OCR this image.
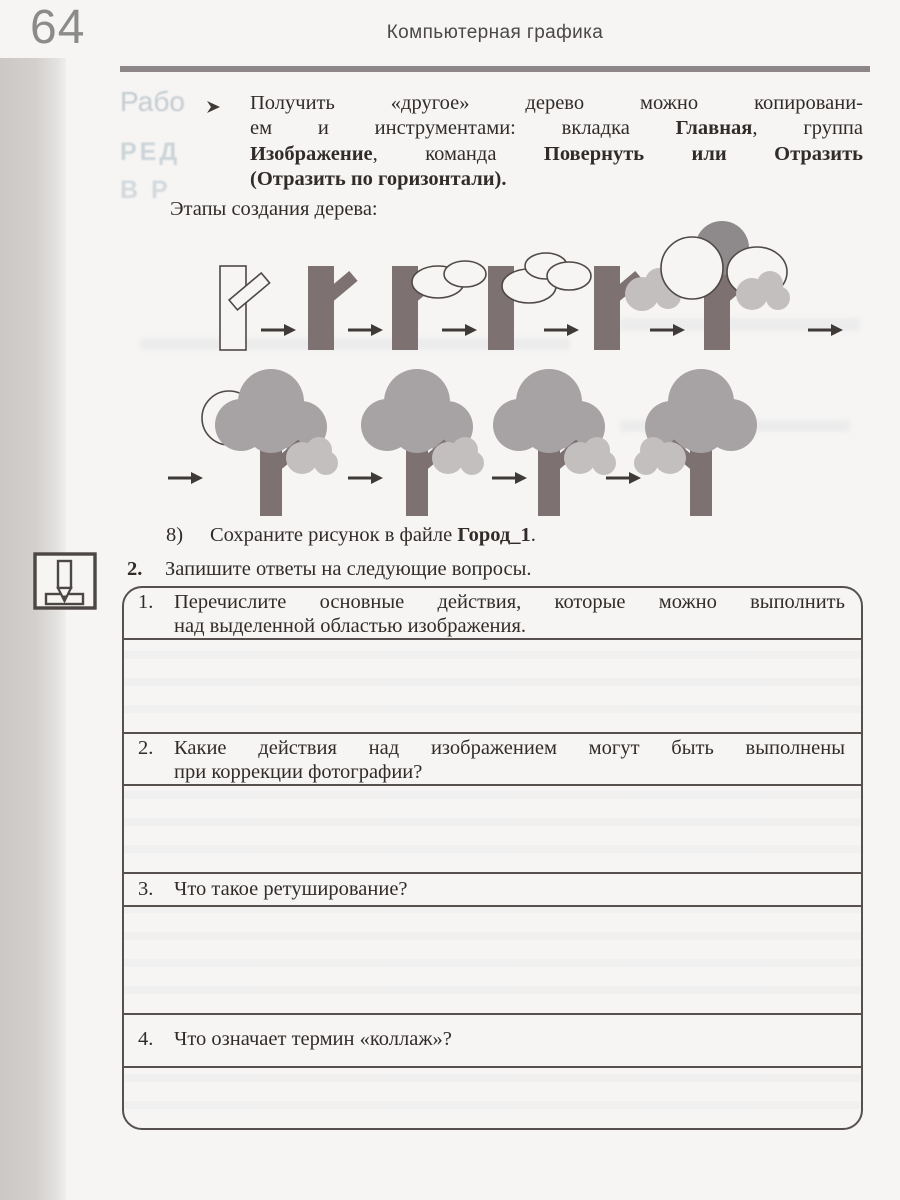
64	Компьютерная графика
Рабо
РЕД
В Р
Получить «другое» дерево можно копировани-
ем и инструментами: вкладка Главная, группа
Изображение, команда Повернуть или Отразить
(Отразить по горизонтали).
Этапы создания дерева:
8) Сохраните рисунок в файле Город_1.
2. Запишите ответы на следующие вопросы.
1.	Перечислите основные действия, которые можно выполнить
над выделенной областью изображения.
2.	Какие действия над изображением могут быть выполнены
при коррекции фотографии?
3.	Что такое ретуширование?
4.	Что означает термин «коллаж»?
